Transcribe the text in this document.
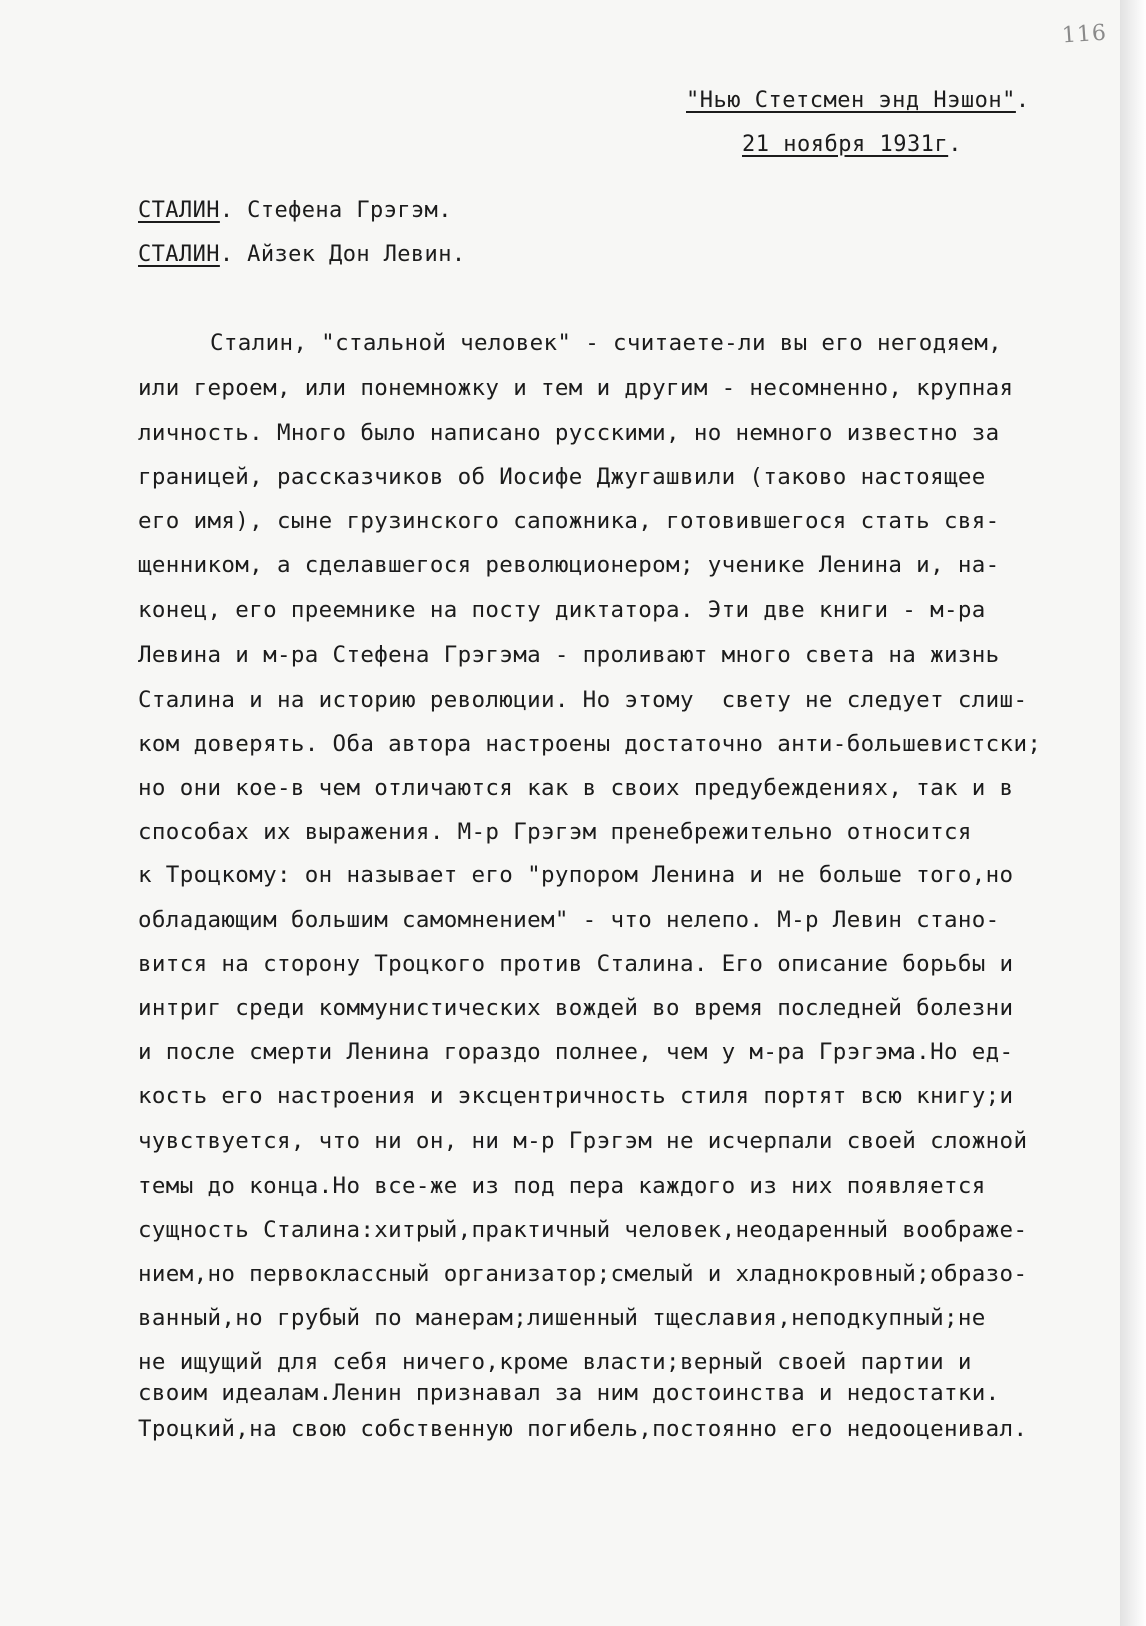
116
"Нью Стетсмен энд Нэшон".
21 ноября 1931г.
СТАЛИН. Стефена Грэгэм.
СТАЛИН. Айзек Дон Левин.
Сталин, "стальной человек" - считаете-ли вы его негодяем,
или героем, или понемножку и тем и другим - несомненно, крупная
личность. Много было написано русскими, но немного известно за
границей, рассказчиков об Иосифе Джугашвили (таково настоящее
его имя), сыне грузинского сапожника, готовившегося стать свя-
щенником, а сделавшегося революционером; ученике Ленина и, на-
конец, его преемнике на посту диктатора. Эти две книги - м-ра
Левина и м-ра Стефена Грэгэма - проливают много света на жизнь
Сталина и на историю революции. Но этому  свету не следует слиш-
ком доверять. Оба автора настроены достаточно анти-большевистски;
но они кое-в чем отличаются как в своих предубеждениях, так и в
способах их выражения. М-р Грэгэм пренебрежительно относится
к Троцкому: он называет его "рупором Ленина и не больше того,но
обладающим большим самомнением" - что нелепо. М-р Левин стано-
вится на сторону Троцкого против Сталина. Его описание борьбы и
интриг среди коммунистических вождей во время последней болезни
и после смерти Ленина гораздо полнее, чем у м-ра Грэгэма.Но ед-
кость его настроения и эксцентричность стиля портят всю книгу;и
чувствуется, что ни он, ни м-р Грэгэм не исчерпали своей сложной
темы до конца.Но все-же из под пера каждого из них появляется
сущность Сталина:хитрый,практичный человек,неодаренный воображе-
нием,но первоклассный организатор;смелый и хладнокровный;образо-
ванный,но грубый по манерам;лишенный тщеславия,неподкупный;не
не ищущий для себя ничего,кроме власти;верный своей партии и
своим идеалам.Ленин признавал за ним достоинства и недостатки.
Троцкий,на свою собственную погибель,постоянно его недооценивал.
